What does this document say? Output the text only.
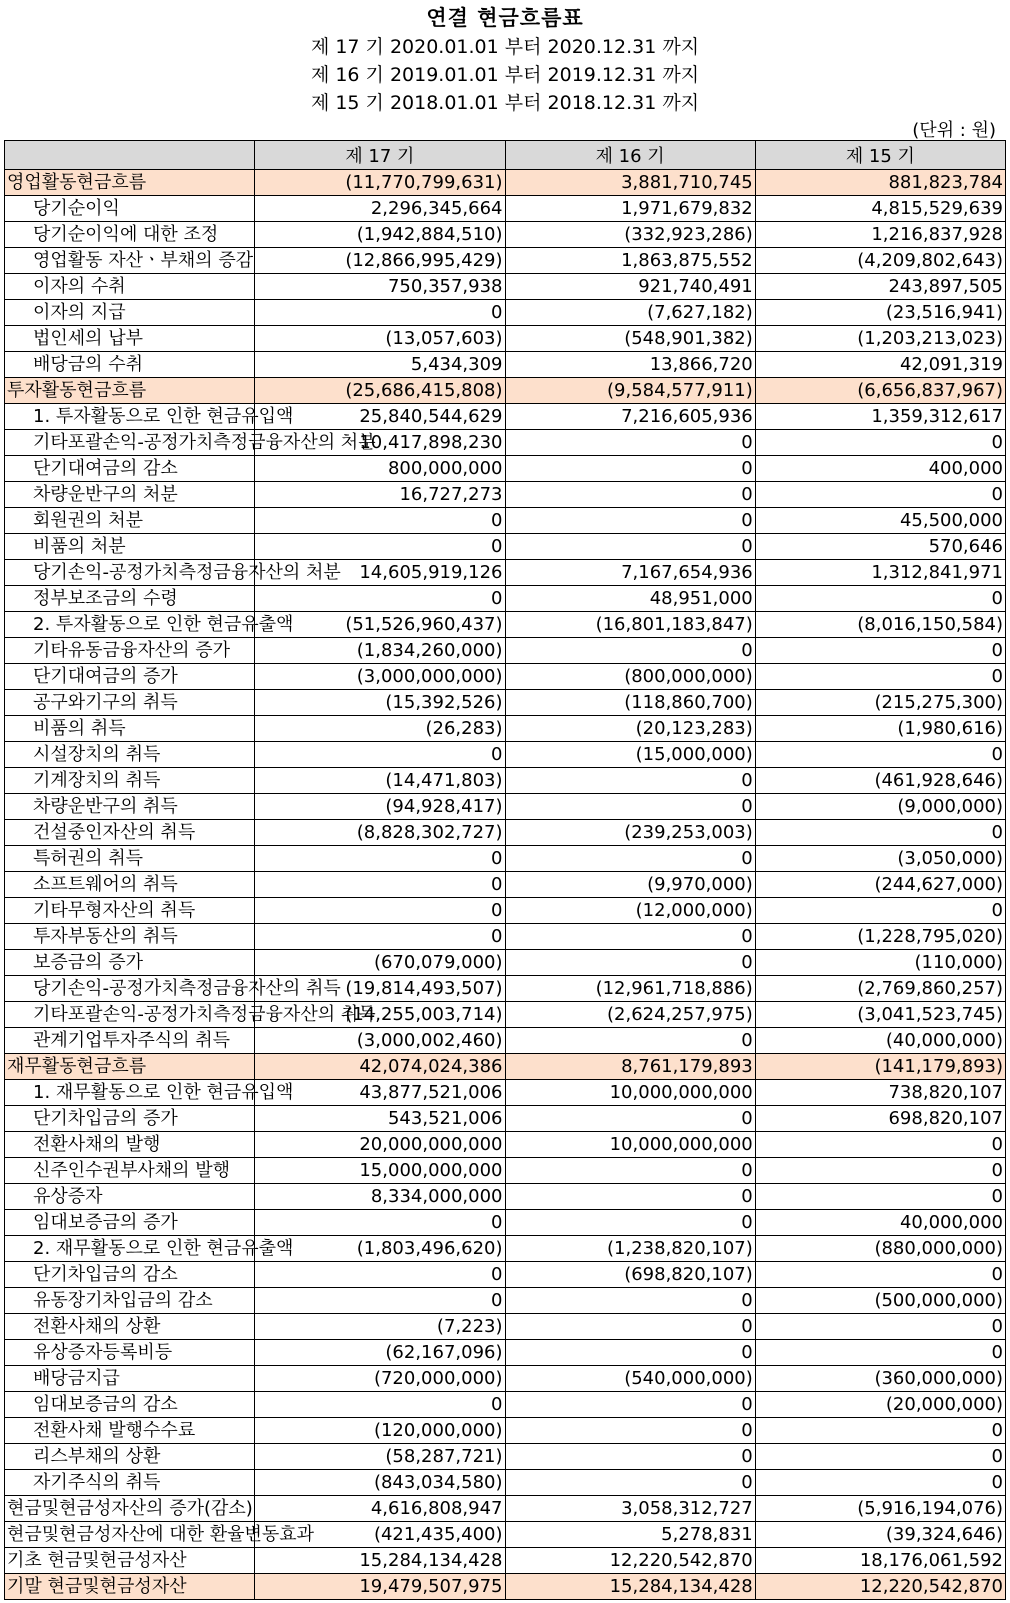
연결 현금흐름표
제 17 기 2020.01.01 부터 2020.12.31 까지
제 16 기 2019.01.01 부터 2019.12.31 까지
제 15 기 2018.01.01 부터 2018.12.31 까지
(단위 : 원)
	제 17 기	제 16 기	제 15 기
영업활동현금흐름	(11,770,799,631)	3,881,710,745	881,823,784
당기순이익	2,296,345,664	1,971,679,832	4,815,529,639
당기순이익에 대한 조정	(1,942,884,510)	(332,923,286)	1,216,837,928
영업활동 자산ㆍ부채의 증감	(12,866,995,429)	1,863,875,552	(4,209,802,643)
이자의 수취	750,357,938	921,740,491	243,897,505
이자의 지급	0	(7,627,182)	(23,516,941)
법인세의 납부	(13,057,603)	(548,901,382)	(1,203,213,023)
배당금의 수취	5,434,309	13,866,720	42,091,319
투자활동현금흐름	(25,686,415,808)	(9,584,577,911)	(6,656,837,967)
1. 투자활동으로 인한 현금유입액	25,840,544,629	7,216,605,936	1,359,312,617
기타포괄손익-공정가치측정금융자산의 처분	10,417,898,230	0	0
단기대여금의 감소	800,000,000	0	400,000
차량운반구의 처분	16,727,273	0	0
회원권의 처분	0	0	45,500,000
비품의 처분	0	0	570,646
당기손익-공정가치측정금융자산의 처분	14,605,919,126	7,167,654,936	1,312,841,971
정부보조금의 수령	0	48,951,000	0
2. 투자활동으로 인한 현금유출액	(51,526,960,437)	(16,801,183,847)	(8,016,150,584)
기타유동금융자산의 증가	(1,834,260,000)	0	0
단기대여금의 증가	(3,000,000,000)	(800,000,000)	0
공구와기구의 취득	(15,392,526)	(118,860,700)	(215,275,300)
비품의 취득	(26,283)	(20,123,283)	(1,980,616)
시설장치의 취득	0	(15,000,000)	0
기계장치의 취득	(14,471,803)	0	(461,928,646)
차량운반구의 취득	(94,928,417)	0	(9,000,000)
건설중인자산의 취득	(8,828,302,727)	(239,253,003)	0
특허권의 취득	0	0	(3,050,000)
소프트웨어의 취득	0	(9,970,000)	(244,627,000)
기타무형자산의 취득	0	(12,000,000)	0
투자부동산의 취득	0	0	(1,228,795,020)
보증금의 증가	(670,079,000)	0	(110,000)
당기손익-공정가치측정금융자산의 취득	(19,814,493,507)	(12,961,718,886)	(2,769,860,257)
기타포괄손익-공정가치측정금융자산의 취득	(14,255,003,714)	(2,624,257,975)	(3,041,523,745)
관계기업투자주식의 취득	(3,000,002,460)	0	(40,000,000)
재무활동현금흐름	42,074,024,386	8,761,179,893	(141,179,893)
1. 재무활동으로 인한 현금유입액	43,877,521,006	10,000,000,000	738,820,107
단기차입금의 증가	543,521,006	0	698,820,107
전환사채의 발행	20,000,000,000	10,000,000,000	0
신주인수권부사채의 발행	15,000,000,000	0	0
유상증자	8,334,000,000	0	0
임대보증금의 증가	0	0	40,000,000
2. 재무활동으로 인한 현금유출액	(1,803,496,620)	(1,238,820,107)	(880,000,000)
단기차입금의 감소	0	(698,820,107)	0
유동장기차입금의 감소	0	0	(500,000,000)
전환사채의 상환	(7,223)	0	0
유상증자등록비등	(62,167,096)	0	0
배당금지급	(720,000,000)	(540,000,000)	(360,000,000)
임대보증금의 감소	0	0	(20,000,000)
전환사채 발행수수료	(120,000,000)	0	0
리스부채의 상환	(58,287,721)	0	0
자기주식의 취득	(843,034,580)	0	0
현금및현금성자산의 증가(감소)	4,616,808,947	3,058,312,727	(5,916,194,076)
현금및현금성자산에 대한 환율변동효과	(421,435,400)	5,278,831	(39,324,646)
기초 현금및현금성자산	15,284,134,428	12,220,542,870	18,176,061,592
기말 현금및현금성자산	19,479,507,975	15,284,134,428	12,220,542,870
